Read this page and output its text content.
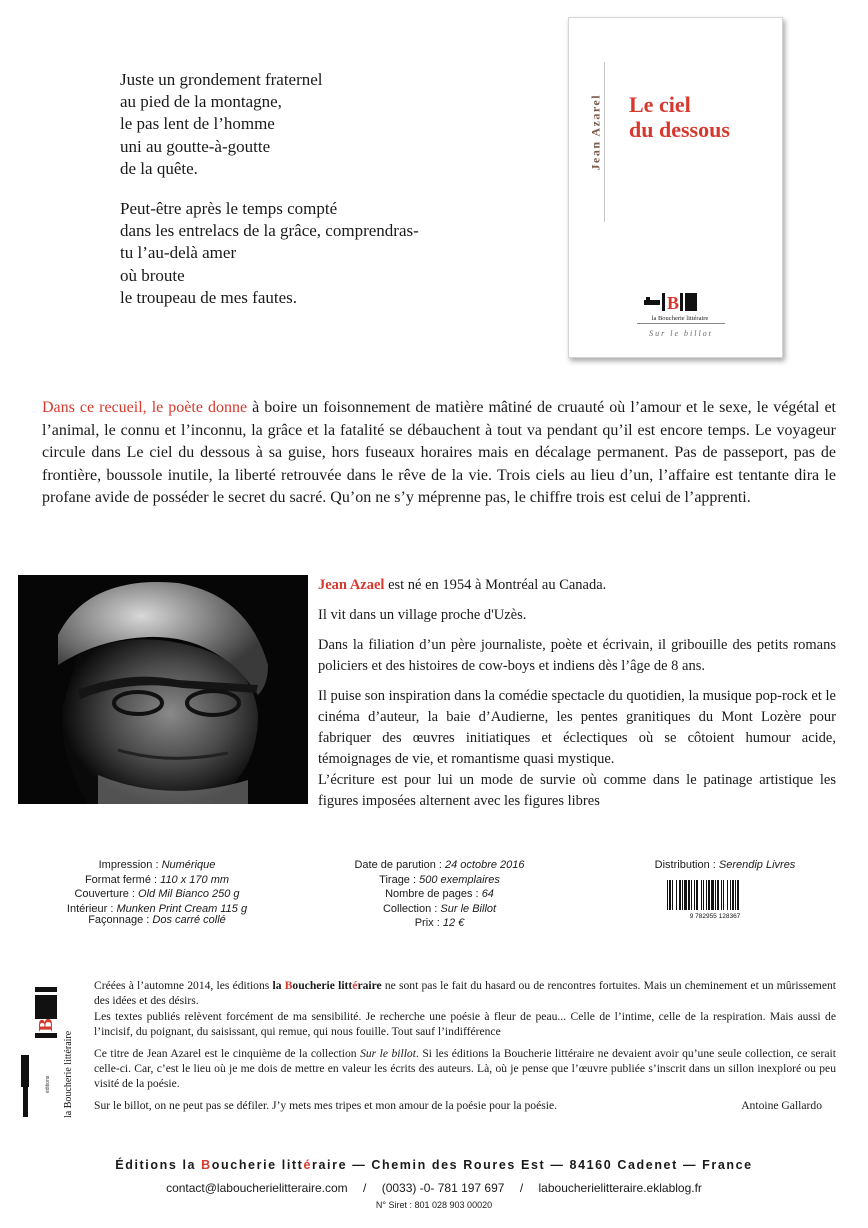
Juste un grondement fraternel
au pied de la montagne,
le pas lent de l’homme
uni au goutte-à-goutte
de la quête.
Peut-être après le temps compté
dans les entrelacs de la grâce, comprendras-
tu l’au-delà amer
où broute
le troupeau de mes fautes.
Jean Azarel Le ciel
du dessous
B
la Boucherie littéraire
Sur le billot
Dans ce recueil, le poète donne à boire un foisonnement de matière mâtiné de cruauté où l’amour et le sexe, le végétal et l’animal, le connu et l’inconnu, la grâce et la fatalité se débauchent à tout va pendant qu’il est encore temps. Le voyageur circule dans Le ciel du dessous à sa guise, hors fuseaux horaires mais en décalage permanent. Pas de passeport, pas de frontière, boussole inutile, la liberté retrouvée dans le rêve de la vie. Trois ciels au lieu d’un, l’affaire est tentante dira le profane avide de posséder le secret du sacré. Qu’on ne s’y méprenne pas, le chiffre trois est celui de l’apprenti.

Jean Azael est né en 1954 à Montréal au Canada.

Il vit dans un village proche d'Uzès.

Dans la filiation d’un père journaliste, poète et écrivain, il gribouille des petits romans policiers et des histoires de cow-boys et indiens dès l’âge de 8 ans.

Il puise son inspiration dans la comédie spectacle du quotidien, la musique pop-rock et le cinéma d’auteur, la baie d’Audierne, les pentes granitiques du Mont Lozère pour fabriquer des œuvres initiatiques et éclectiques où se côtoient humour acide, témoignages de vie, et romantisme quasi mystique.

L’écriture est pour lui un mode de survie où comme dans le patinage artistique les figures imposées alternent avec les figures libres

Impression : Numérique
Format fermé : 110 x 170 mm
Couverture : Old Mil Bianco 250 g
Intérieur : Munken Print Cream 115 g
Façonnage : Dos carré collé
Date de parution : 24 octobre 2016
Tirage : 500 exemplaires
Nombre de pages : 64
Collection : Sur le Billot
Prix : 12 €
Distribution : Serendip Livres
9 782955 128367
B
éditions la Boucherie littéraire

Créées à l’automne 2014, les éditions la Boucherie littéraire ne sont pas le fait du hasard ou de rencontres fortuites. Mais un cheminement et un mûrissement des idées et des désirs.
Les textes publiés relèvent forcément de ma sensibilité. Je recherche une poésie à fleur de peau... Celle de l’intime, celle de la respiration. Mais aussi de l’incisif, du poignant, du saisissant, qui remue, qui nous fouille. Tout sauf l’indifférence

Ce titre de Jean Azarel est le cinquième de la collection Sur le billot. Si les éditions la Boucherie littéraire ne devaient avoir qu’une seule collection, ce serait celle-ci. Car, c’est le lieu où je me dois de mettre en valeur les écrits des auteurs. Là, où je pense que l’œuvre publiée s’inscrit dans un sillon inexploré ou peu visité de la poésie.

Sur le billot, on ne peut pas se défiler. J’y mets mes tripes et mon amour de la poésie pour la poésie.	Antoine Gallardo
Éditions la Boucherie littéraire — Chemin des Roures Est — 84160 Cadenet — France
contact@laboucherielitteraire.com / (0033) -0- 781 197 697 / laboucherielitteraire.eklablog.fr
N° Siret : 801 028 903 00020
